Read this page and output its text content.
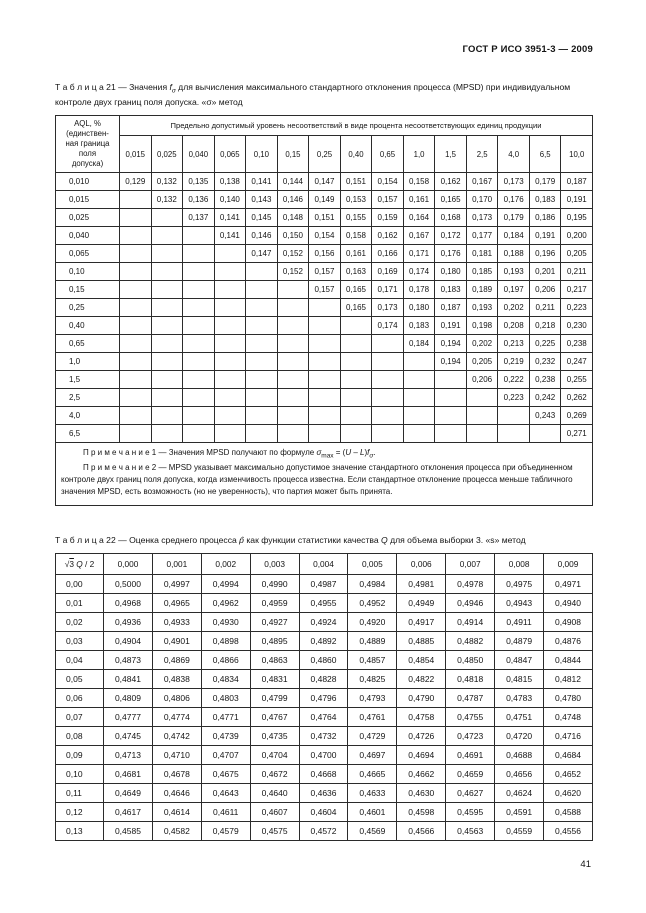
ГОСТ Р ИСО 3951-3 — 2009

Т а б л и ц а 21 — Значения $f_\sigma$ для вычисления максимального стандартного отклонения процесса (MPSD) при индивидуальном контроле двух границ поля допуска. «σ» метод

AQL, %
(единствен-
ная граница
поля
допуска)	Предельно допустимый уровень несоответствий в виде процента несоответствующих единиц продукции														
	0,015	0,025	0,040	0,065	0,10	0,15	0,25	0,40	0,65	1,0	1,5	2,5	4,0	6,5	10,0
0,010	0,129	0,132	0,135	0,138	0,141	0,144	0,147	0,151	0,154	0,158	0,162	0,167	0,173	0,179	0,187
0,015		0,132	0,136	0,140	0,143	0,146	0,149	0,153	0,157	0,161	0,165	0,170	0,176	0,183	0,191
0,025			0,137	0,141	0,145	0,148	0,151	0,155	0,159	0,164	0,168	0,173	0,179	0,186	0,195
0,040				0,141	0,146	0,150	0,154	0,158	0,162	0,167	0,172	0,177	0,184	0,191	0,200
0,065					0,147	0,152	0,156	0,161	0,166	0,171	0,176	0,181	0,188	0,196	0,205
0,10						0,152	0,157	0,163	0,169	0,174	0,180	0,185	0,193	0,201	0,211
0,15							0,157	0,165	0,171	0,178	0,183	0,189	0,197	0,206	0,217
0,25								0,165	0,173	0,180	0,187	0,193	0,202	0,211	0,223
0,40									0,174	0,183	0,191	0,198	0,208	0,218	0,230
0,65										0,184	0,194	0,202	0,213	0,225	0,238
1,0											0,194	0,205	0,219	0,232	0,247
1,5												0,206	0,222	0,238	0,255
2,5													0,223	0,242	0,262
4,0														0,243	0,269
6,5															0,271

П р и м е ч а н и е 1 — Значения MPSD получают по формуле $\sigma_{max} = (U - L)f_\sigma$.

П р и м е ч а н и е 2 — MPSD указывает максимально допустимое значение стандартного отклонения процесса при объединенном контроле двух границ поля допуска, когда изменчивость процесса известна. Если стандартное отклонение процесса меньше табличного значения MPSD, есть возможность (но не уверенность), что партия может быть принята.															

Т а б л и ц а 22 — Оценка среднего процесса p̂ как функции статистики качества Q для объема выборки 3. «s» метод

√3 Q / 2	0,000	0,001	0,002	0,003	0,004	0,005	0,006	0,007	0,008	0,009
0,00	0,5000	0,4997	0,4994	0,4990	0,4987	0,4984	0,4981	0,4978	0,4975	0,4971
0,01	0,4968	0,4965	0,4962	0,4959	0,4955	0,4952	0,4949	0,4946	0,4943	0,4940
0,02	0,4936	0,4933	0,4930	0,4927	0,4924	0,4920	0,4917	0,4914	0,4911	0,4908
0,03	0,4904	0,4901	0,4898	0,4895	0,4892	0,4889	0,4885	0,4882	0,4879	0,4876
0,04	0,4873	0,4869	0,4866	0,4863	0,4860	0,4857	0,4854	0,4850	0,4847	0,4844
0,05	0,4841	0,4838	0,4834	0,4831	0,4828	0,4825	0,4822	0,4818	0,4815	0,4812
0,06	0,4809	0,4806	0,4803	0,4799	0,4796	0,4793	0,4790	0,4787	0,4783	0,4780
0,07	0,4777	0,4774	0,4771	0,4767	0,4764	0,4761	0,4758	0,4755	0,4751	0,4748
0,08	0,4745	0,4742	0,4739	0,4735	0,4732	0,4729	0,4726	0,4723	0,4720	0,4716
0,09	0,4713	0,4710	0,4707	0,4704	0,4700	0,4697	0,4694	0,4691	0,4688	0,4684
0,10	0,4681	0,4678	0,4675	0,4672	0,4668	0,4665	0,4662	0,4659	0,4656	0,4652
0,11	0,4649	0,4646	0,4643	0,4640	0,4636	0,4633	0,4630	0,4627	0,4624	0,4620
0,12	0,4617	0,4614	0,4611	0,4607	0,4604	0,4601	0,4598	0,4595	0,4591	0,4588
0,13	0,4585	0,4582	0,4579	0,4575	0,4572	0,4569	0,4566	0,4563	0,4559	0,4556
41
